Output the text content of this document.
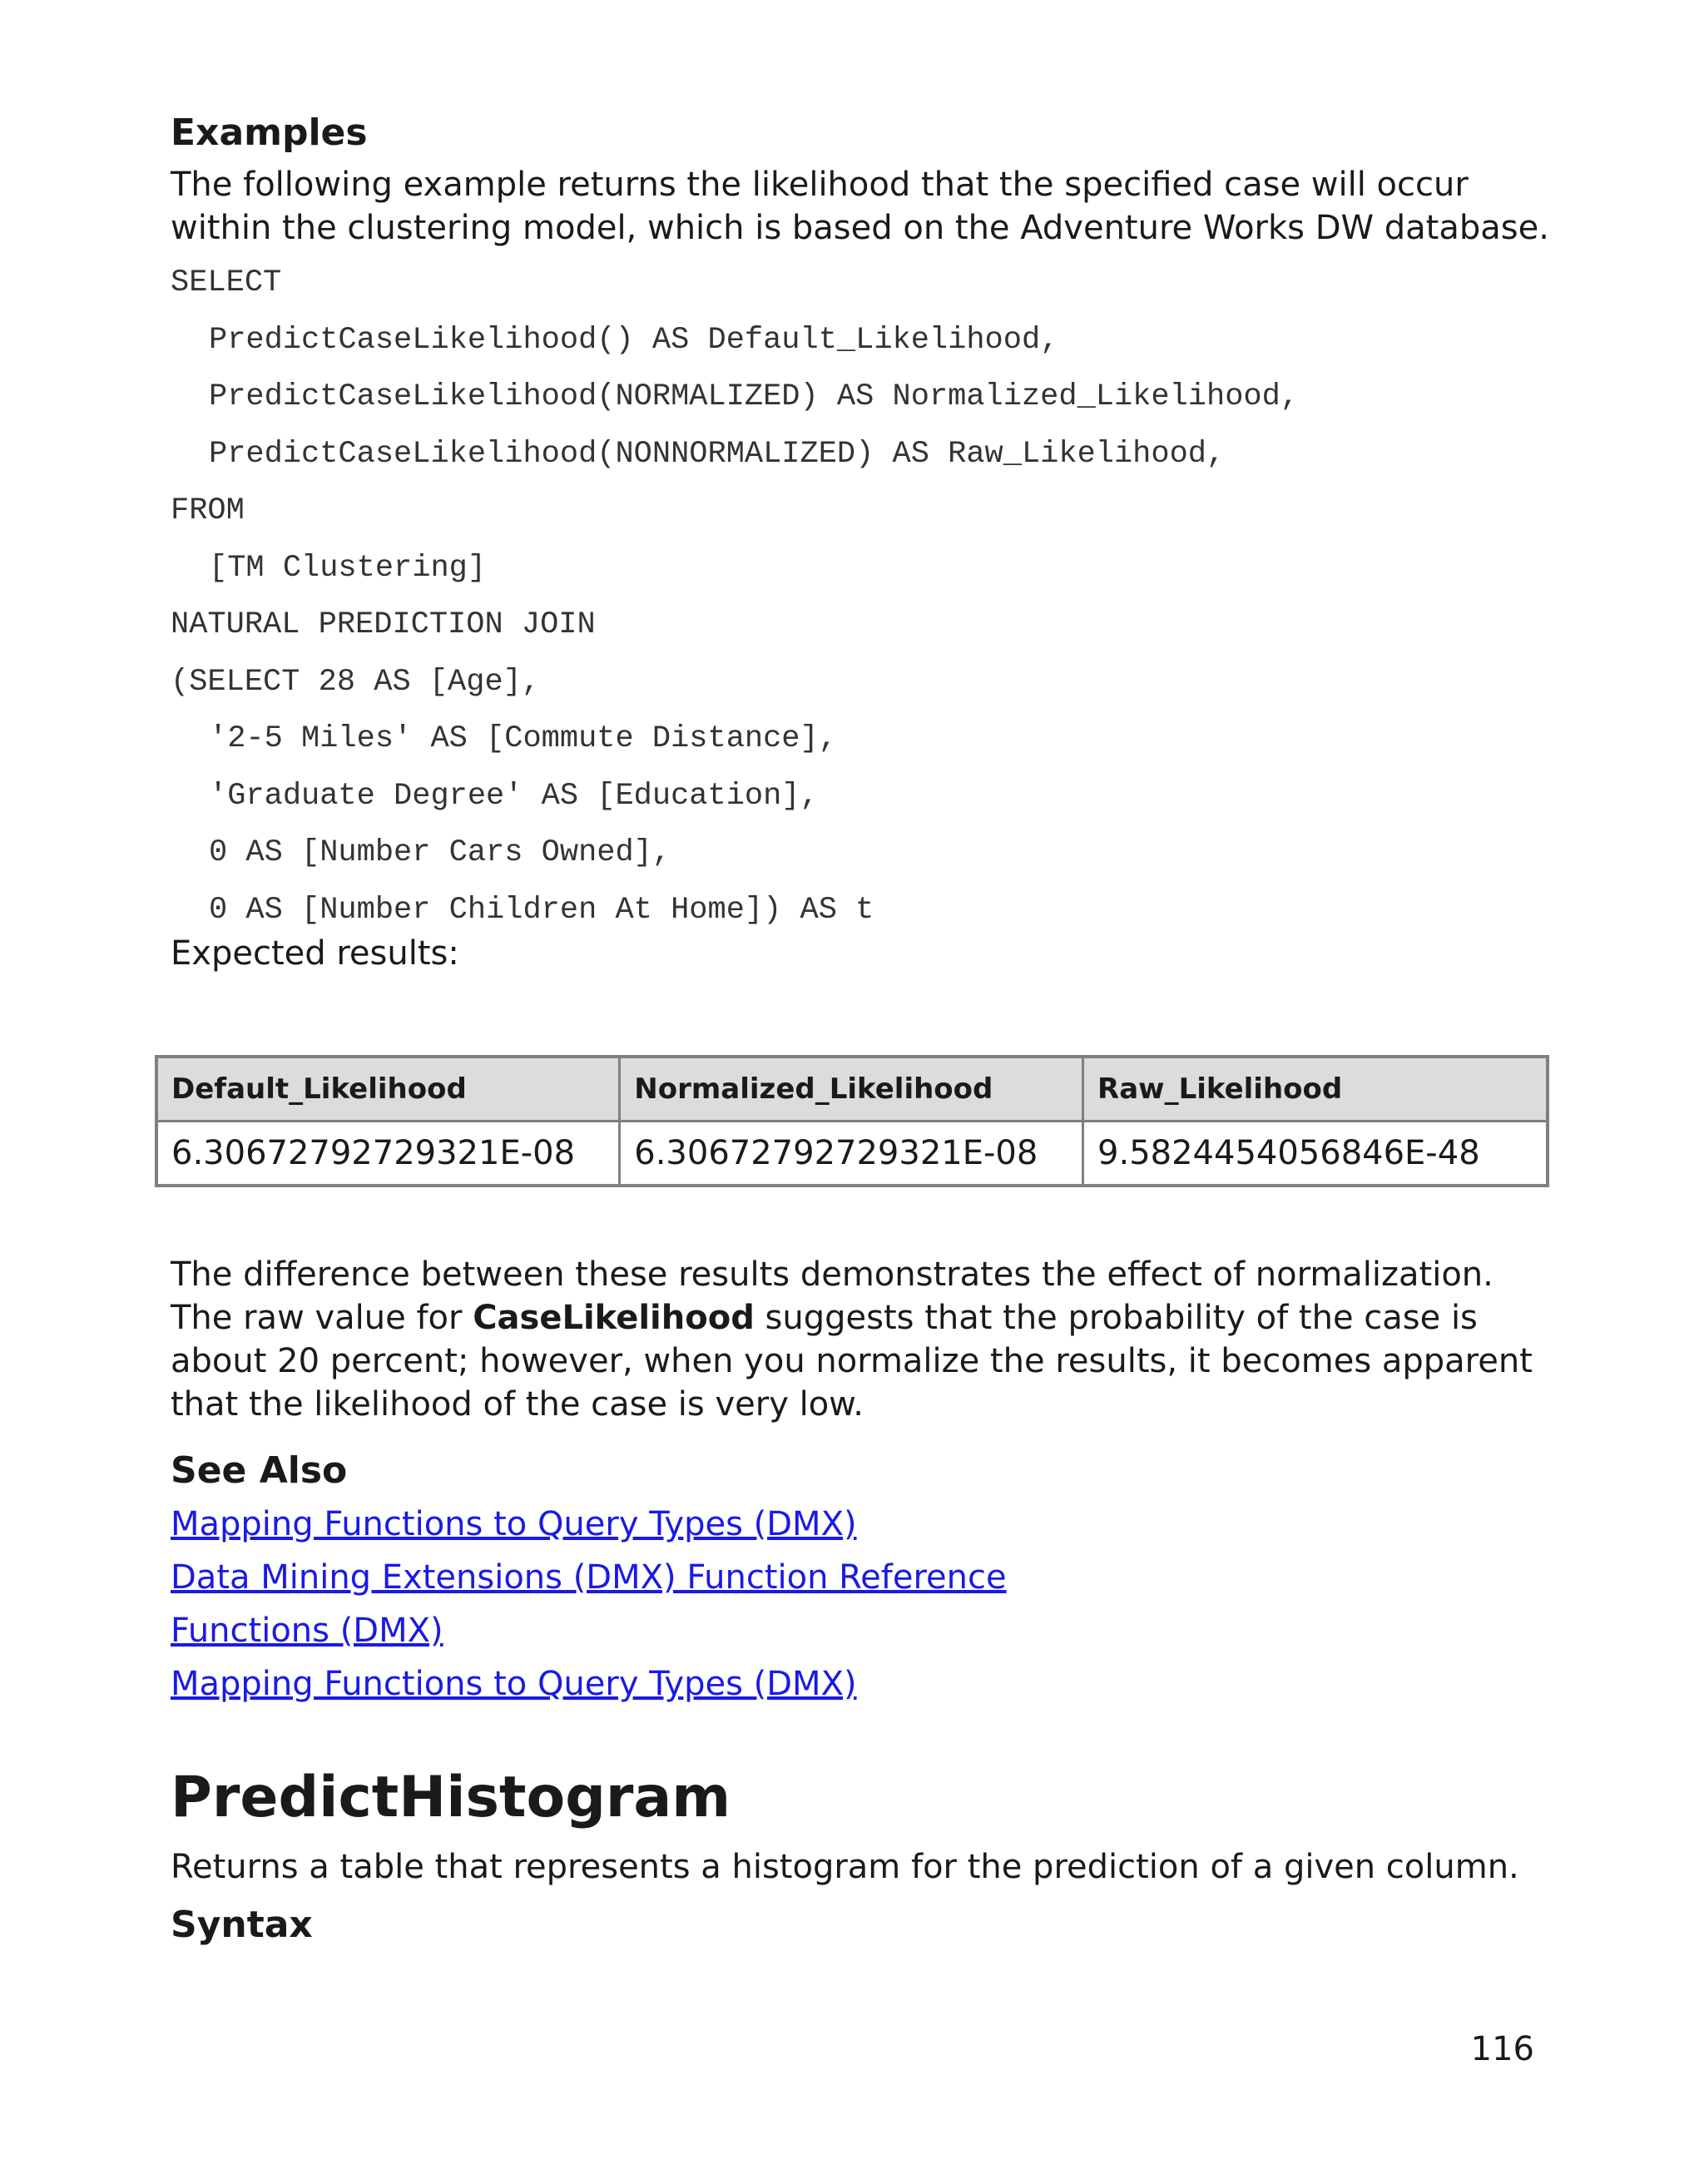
Examples

The following example returns the likelihood that the specified case will occur within the clustering model, which is based on the Adventure Works DW database.

SELECT
PredictCaseLikelihood() AS Default_Likelihood,
PredictCaseLikelihood(NORMALIZED) AS Normalized_Likelihood,
PredictCaseLikelihood(NONNORMALIZED) AS Raw_Likelihood,
FROM
[TM Clustering]
NATURAL PREDICTION JOIN
(SELECT 28 AS [Age],
'2-5 Miles' AS [Commute Distance],
'Graduate Degree' AS [Education],
0 AS [Number Cars Owned],
0 AS [Number Children At Home]) AS t

Expected results:

Default_Likelihood	Normalized_Likelihood	Raw_Likelihood
6.30672792729321E-08	6.30672792729321E-08	9.5824454056846E-48

The difference between these results demonstrates the effect of normalization. The raw value for CaseLikelihood suggests that the probability of the case is about 20 percent; however, when you normalize the results, it becomes apparent that the likelihood of the case is very low.

See Also
Mapping Functions to Query Types (DMX)
Data Mining Extensions (DMX) Function Reference
Functions (DMX)
Mapping Functions to Query Types (DMX)
PredictHistogram

Returns a table that represents a histogram for the prediction of a given column.

Syntax
116
